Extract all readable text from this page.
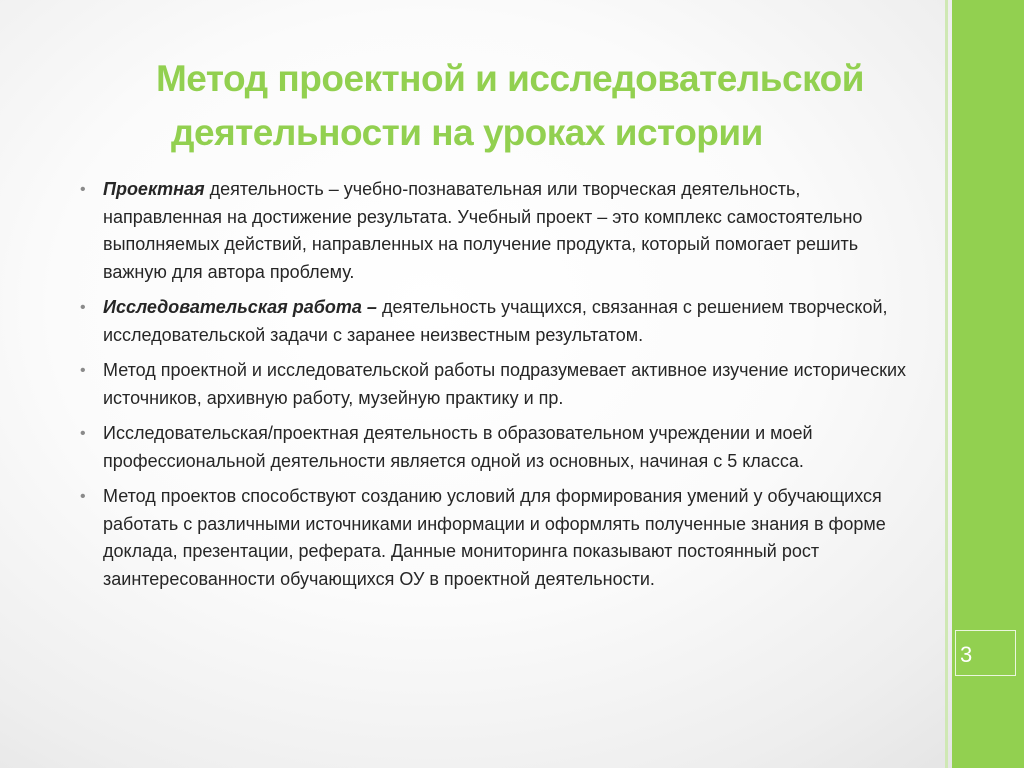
Метод проектной и исследовательской
деятельности на уроках истории
• Проектная деятельность – учебно-познавательная или творческая деятельность, направленная на достижение результата. Учебный проект – это комплекс самостоятельно выполняемых действий, направленных на получение продукта, который помогает решить важную для автора проблему.
• Исследовательская работа – деятельность учащихся, связанная с решением творческой, исследовательской задачи с заранее неизвестным результатом.
• Метод проектной и исследовательской работы подразумевает активное изучение исторических источников, архивную работу, музейную практику и пр.
• Исследовательская/проектная деятельность в образовательном учреждении и моей профессиональной деятельности является одной из основных, начиная с 5 класса.
• Метод проектов способствуют созданию условий для формирования умений у обучающихся работать с различными источниками информации и оформлять полученные знания в форме доклада, презентации, реферата. Данные мониторинга показывают постоянный рост заинтересованности обучающихся ОУ в проектной деятельности.
3
